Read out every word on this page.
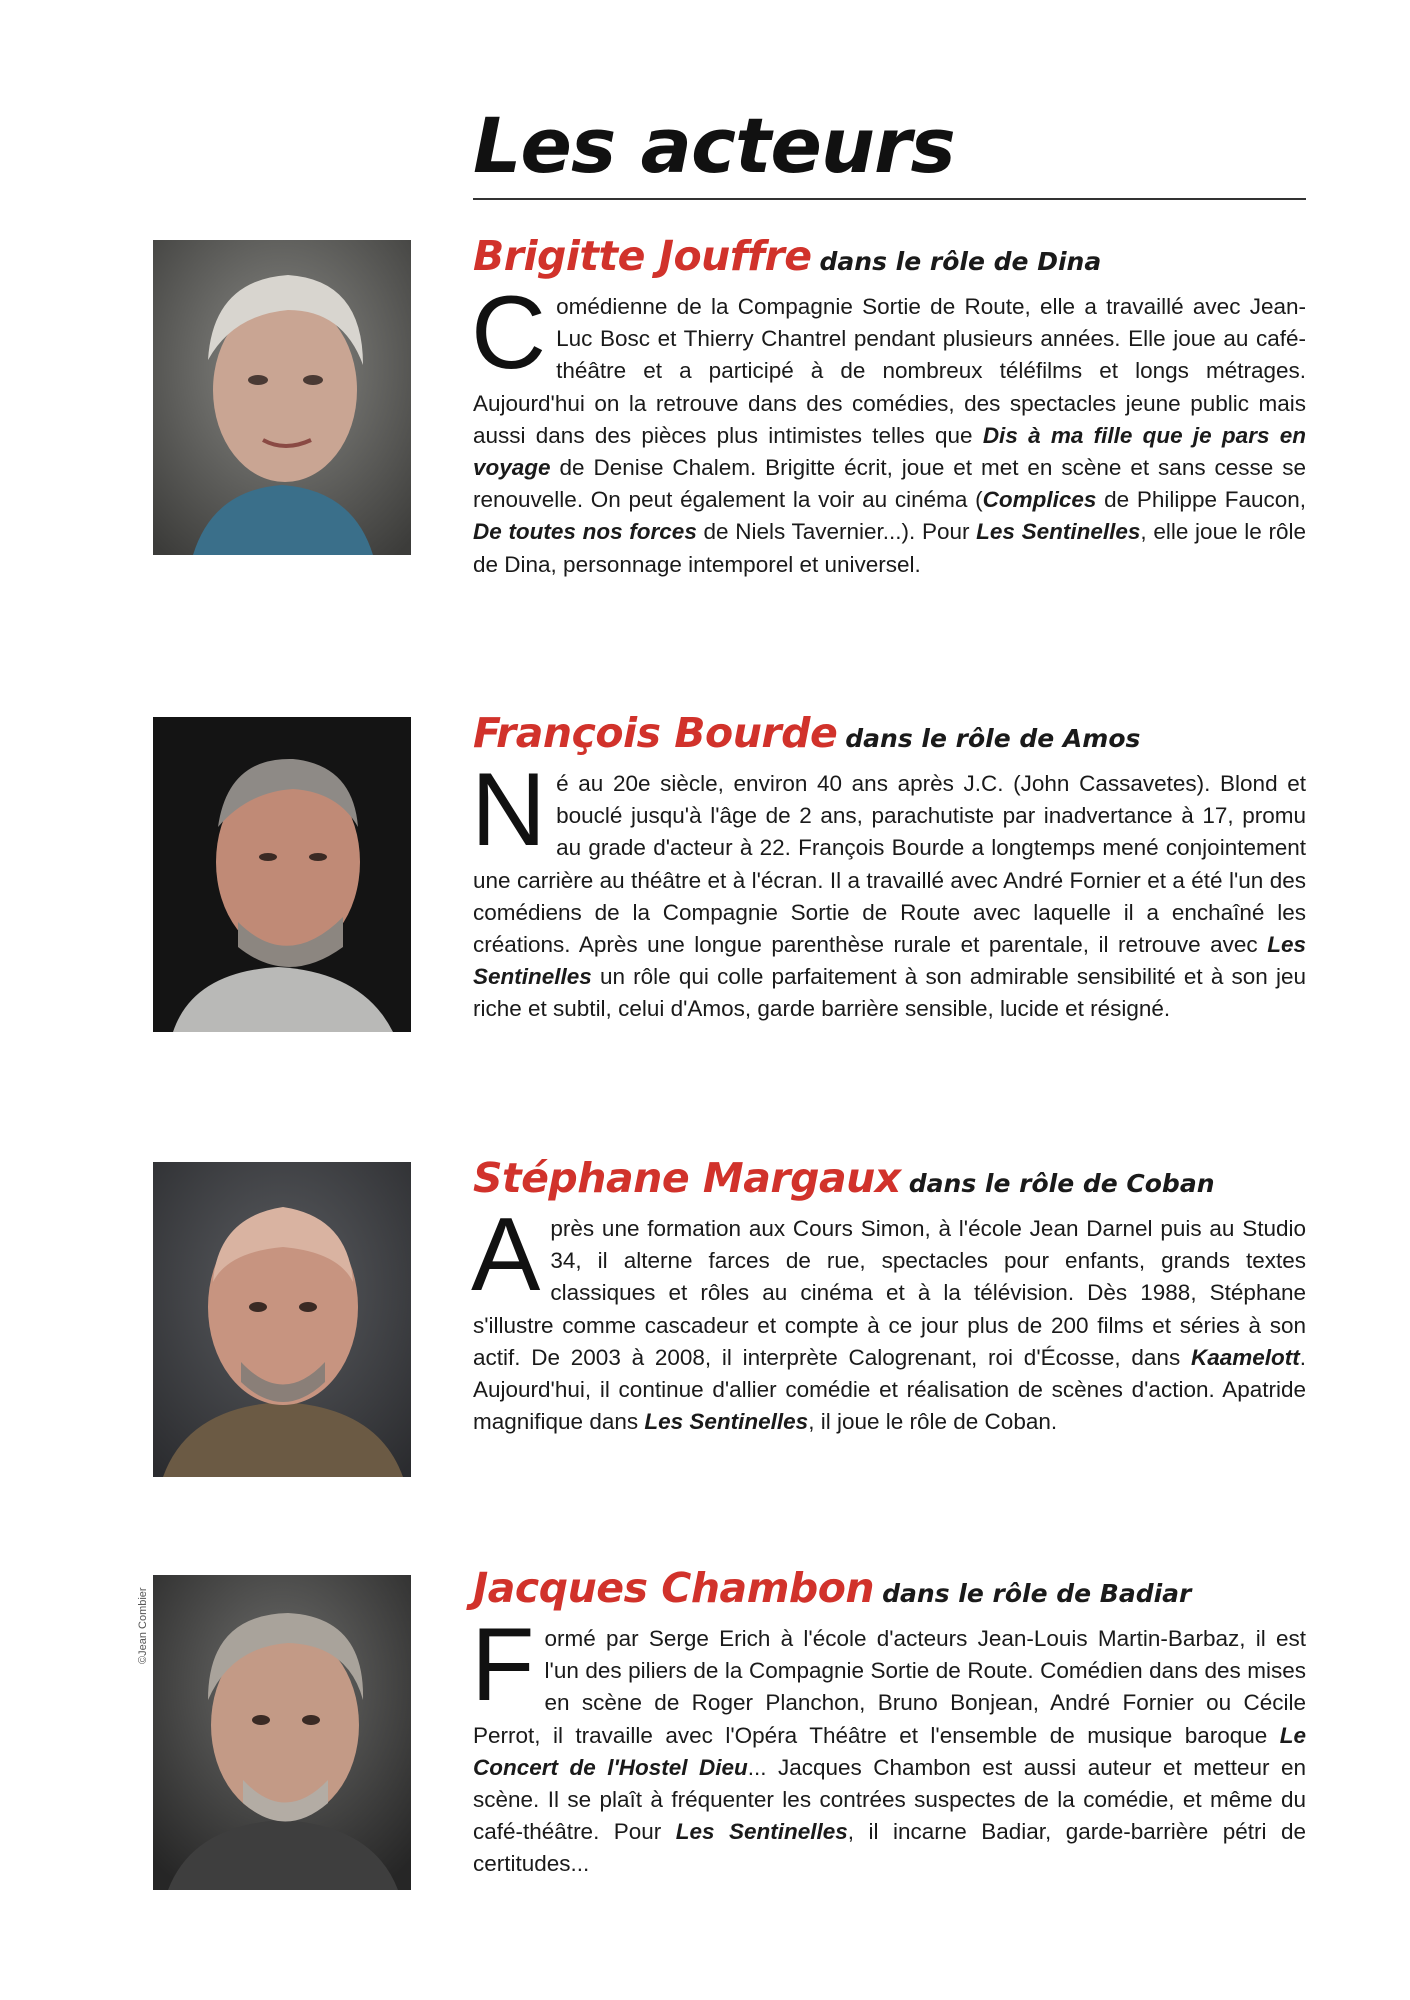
Les acteurs

Brigitte Jouffre dans le rôle de Dina

Comédienne de la Compagnie Sortie de Route, elle a travaillé avec Jean-Luc Bosc et Thierry Chantrel pendant plusieurs années. Elle joue au café-théâtre et a participé à de nombreux téléfilms et longs métrages. Aujourd'hui on la retrouve dans des comédies, des spectacles jeune public mais aussi dans des pièces plus intimistes telles que Dis à ma fille que je pars en voyage de Denise Chalem. Brigitte écrit, joue et met en scène et sans cesse se renouvelle. On peut également la voir au cinéma (Complices de Philippe Faucon, De toutes nos forces de Niels Tavernier...). Pour Les Sentinelles, elle joue le rôle de Dina, personnage intemporel et universel.

François Bourde dans le rôle de Amos

Né au 20e siècle, environ 40 ans après J.C. (John Cassavetes). Blond et bouclé jusqu'à l'âge de 2 ans, parachutiste par inadvertance à 17, promu au grade d'acteur à 22. François Bourde a longtemps mené conjointement une carrière au théâtre et à l'écran. Il a travaillé avec André Fornier et a été l'un des comédiens de la Compagnie Sortie de Route avec laquelle il a enchaîné les créations. Après une longue parenthèse rurale et parentale, il retrouve avec Les Sentinelles un rôle qui colle parfaitement à son admirable sensibilité et à son jeu riche et subtil, celui d'Amos, garde barrière sensible, lucide et résigné.

Stéphane Margaux dans le rôle de Coban

Après une formation aux Cours Simon, à l'école Jean Darnel puis au Studio 34, il alterne farces de rue, spectacles pour enfants, grands textes classiques et rôles au cinéma et à la télévision. Dès 1988, Stéphane s'illustre comme cascadeur et compte à ce jour plus de 200 films et séries à son actif. De 2003 à 2008, il interprète Calogrenant, roi d'Écosse, dans Kaamelott. Aujourd'hui, il continue d'allier comédie et réalisation de scènes d'action. Apatride magnifique dans Les Sentinelles, il joue le rôle de Coban.

Jacques Chambon dans le rôle de Badiar

Formé par Serge Erich à l'école d'acteurs Jean-Louis Martin-Barbaz, il est l'un des piliers de la Compagnie Sortie de Route. Comédien dans des mises en scène de Roger Planchon, Bruno Bonjean, André Fornier ou Cécile Perrot, il travaille avec l'Opéra Théâtre et l'ensemble de musique baroque Le Concert de l'Hostel Dieu... Jacques Chambon est aussi auteur et metteur en scène. Il se plaît à fréquenter les contrées suspectes de la comédie, et même du café-théâtre. Pour Les Sentinelles, il incarne Badiar, garde-barrière pétri de certitudes...

©Jean Combier
